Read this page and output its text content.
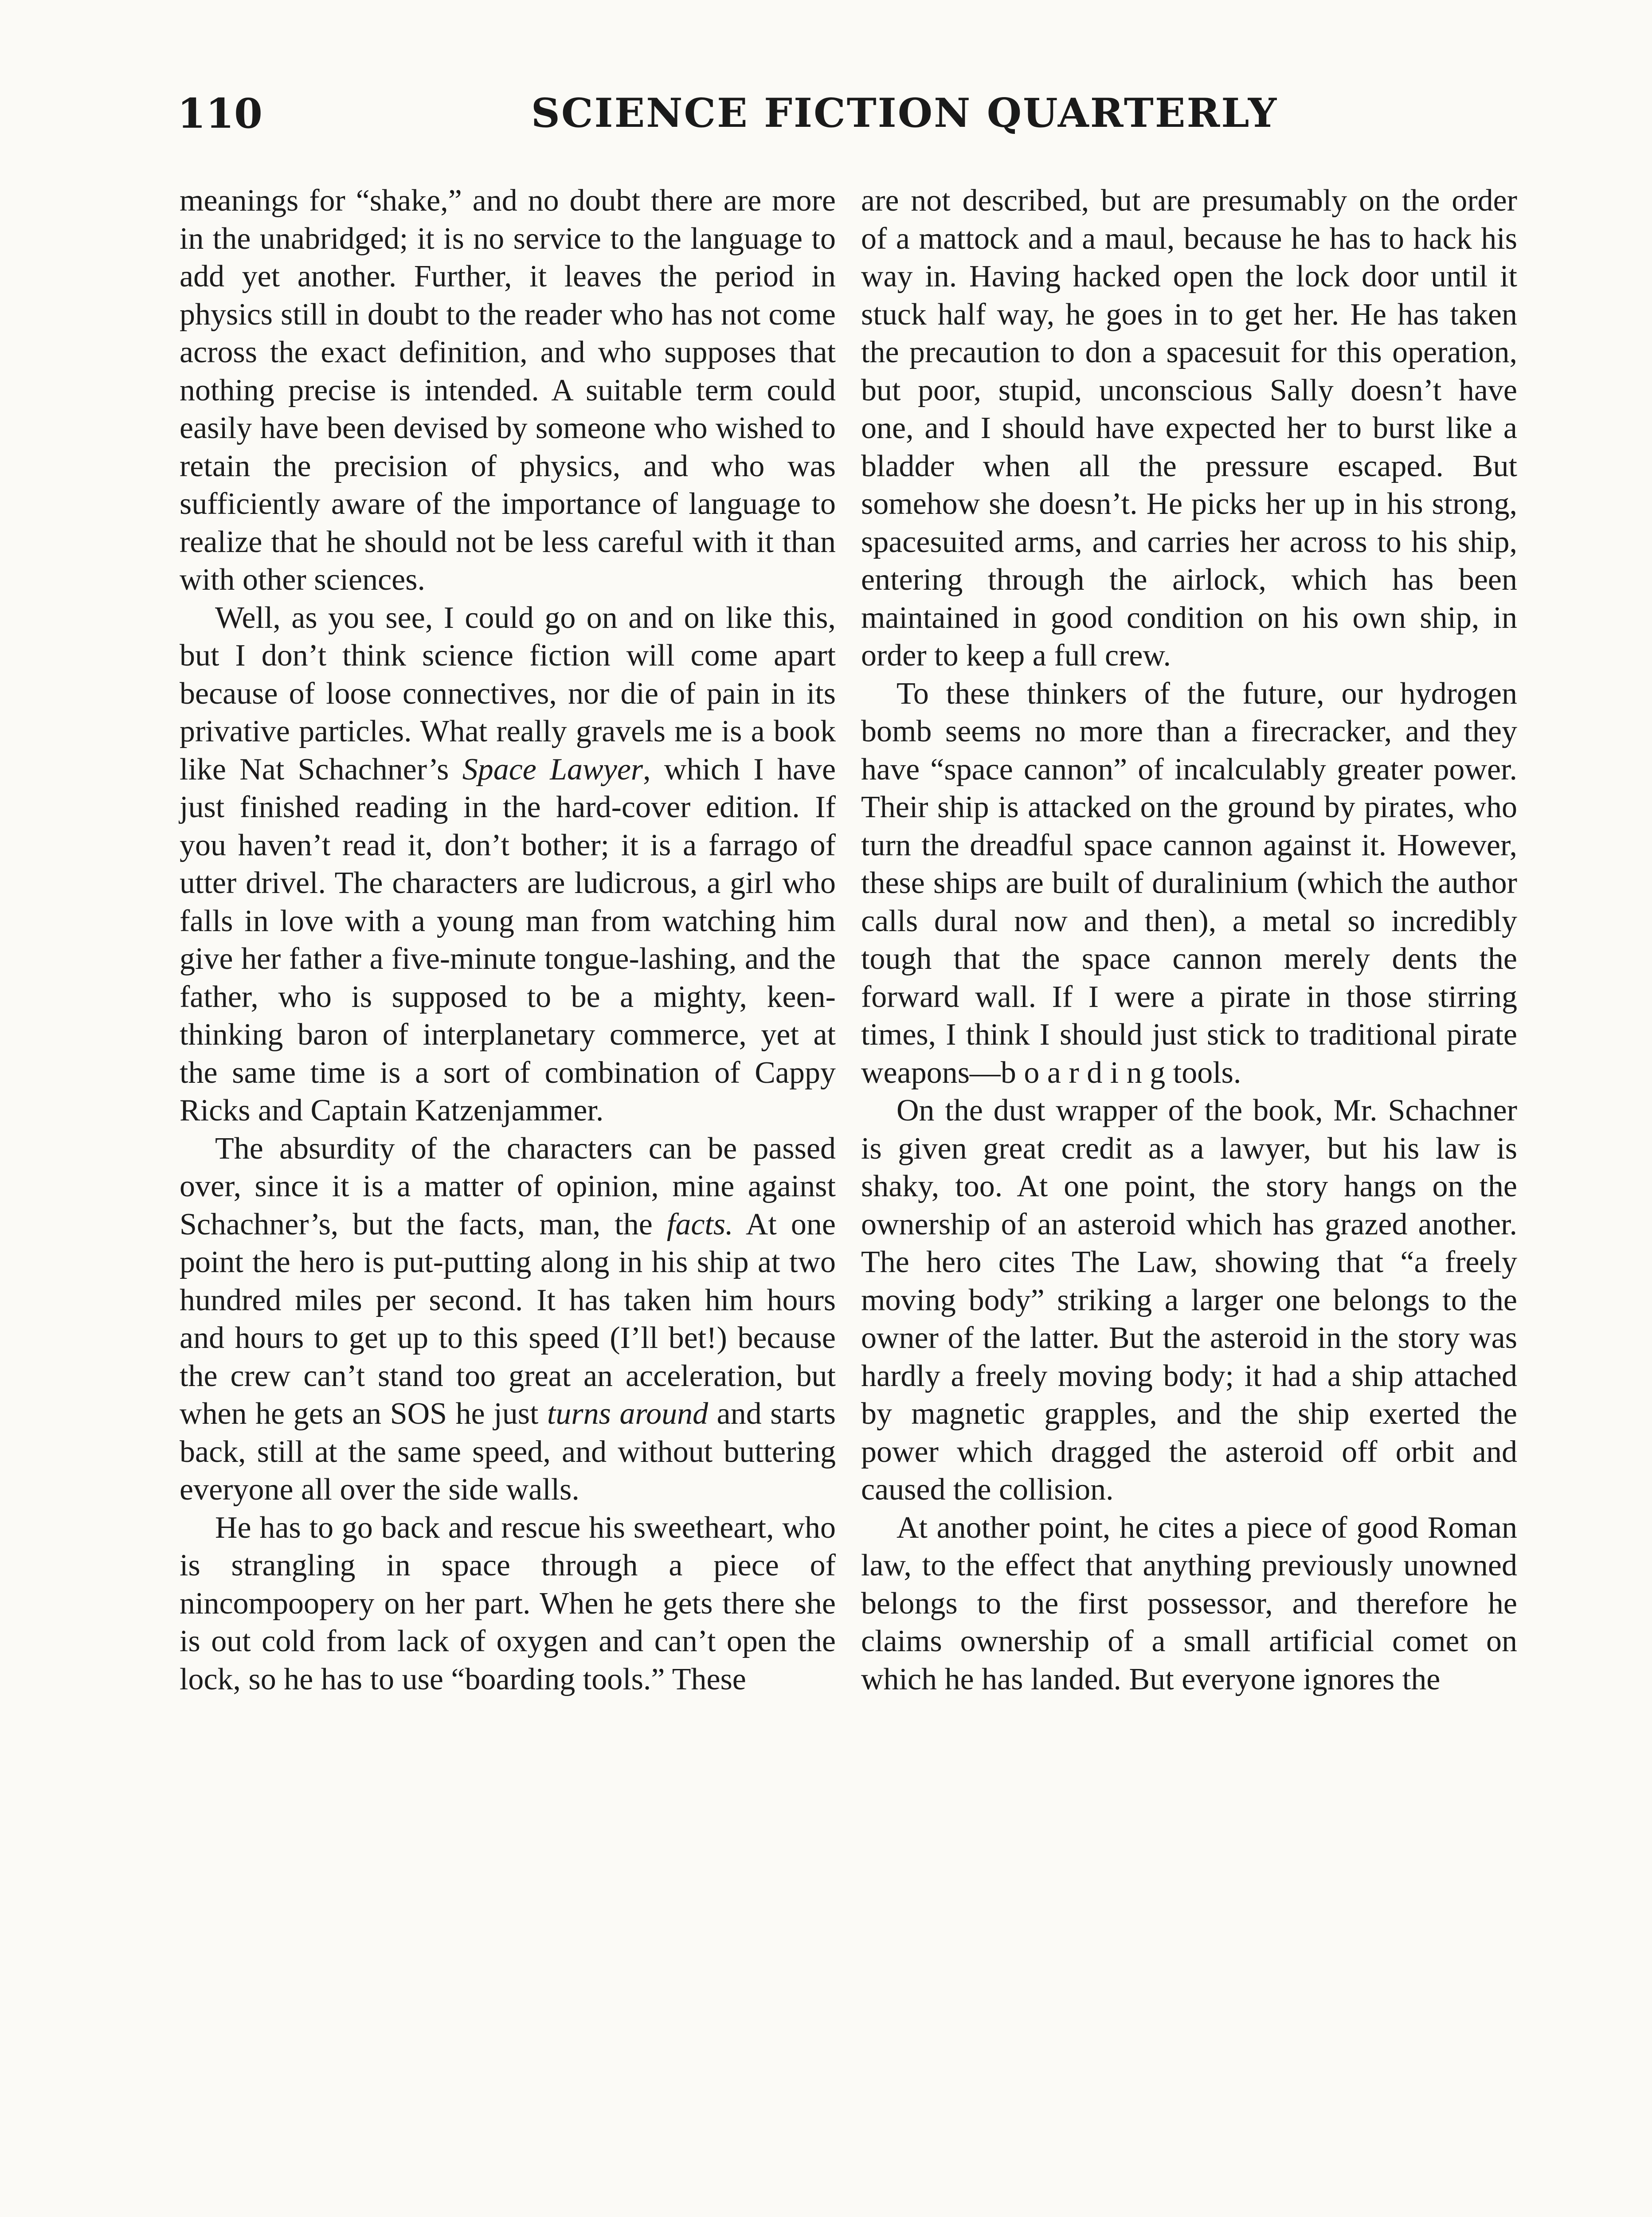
110	SCIENCE FICTION QUARTERLY

meanings for “shake,” and no doubt there are more in the unabridged; it is no service to the language to add yet another. Further, it leaves the period in physics still in doubt to the reader who has not come across the exact definition, and who supposes that nothing precise is intended. A suitable term could easily have been devised by someone who wished to retain the precision of physics, and who was sufficiently aware of the importance of language to realize that he should not be less careful with it than with other sciences.

Well, as you see, I could go on and on like this, but I don’t think science fiction will come apart because of loose connectives, nor die of pain in its privative particles. What really gravels me is a book like Nat Schachner’s Space Lawyer, which I have just finished reading in the hard-cover edition. If you haven’t read it, don’t bother; it is a farrago of utter drivel. The characters are ludicrous, a girl who falls in love with a young man from watching him give her father a five-minute tongue-lashing, and the father, who is supposed to be a mighty, keen-thinking baron of interplanetary commerce, yet at the same time is a sort of combination of Cappy Ricks and Captain Katzenjammer.

The absurdity of the characters can be passed over, since it is a matter of opinion, mine against Schachner’s, but the facts, man, the facts. At one point the hero is put-putting along in his ship at two hundred miles per second. It has taken him hours and hours to get up to this speed (I’ll bet!) because the crew can’t stand too great an acceleration, but when he gets an SOS he just turns around and starts back, still at the same speed, and without buttering everyone all over the side walls.

He has to go back and rescue his sweetheart, who is strangling in space through a piece of nincompoopery on her part. When he gets there she is out cold from lack of oxygen and can’t open the lock, so he has to use “boarding tools.” These

are not described, but are presumably on the order of a mattock and a maul, because he has to hack his way in. Having hacked open the lock door until it stuck half way, he goes in to get her. He has taken the precaution to don a spacesuit for this operation, but poor, stupid, unconscious Sally doesn’t have one, and I should have expected her to burst like a bladder when all the pressure escaped. But somehow she doesn’t. He picks her up in his strong, spacesuited arms, and carries her across to his ship, entering through the airlock, which has been maintained in good condition on his own ship, in order to keep a full crew.

To these thinkers of the future, our hydrogen bomb seems no more than a firecracker, and they have “space cannon” of incalculably greater power. Their ship is attacked on the ground by pirates, who turn the dreadful space cannon against it. However, these ships are built of duralinium (which the author calls dural now and then), a metal so incredibly tough that the space cannon merely dents the forward wall. If I were a pirate in those stirring times, I think I should just stick to traditional pirate weapons—b o a r d i n g tools.

On the dust wrapper of the book, Mr. Schachner is given great credit as a lawyer, but his law is shaky, too. At one point, the story hangs on the ownership of an asteroid which has grazed another. The hero cites The Law, showing that “a freely moving body” striking a larger one belongs to the owner of the latter. But the asteroid in the story was hardly a freely moving body; it had a ship attached by magnetic grapples, and the ship exerted the power which dragged the asteroid off orbit and caused the collision.

At another point, he cites a piece of good Roman law, to the effect that anything previously unowned belongs to the first possessor, and therefore he claims ownership of a small artificial comet on which he has landed. But everyone ignores the
